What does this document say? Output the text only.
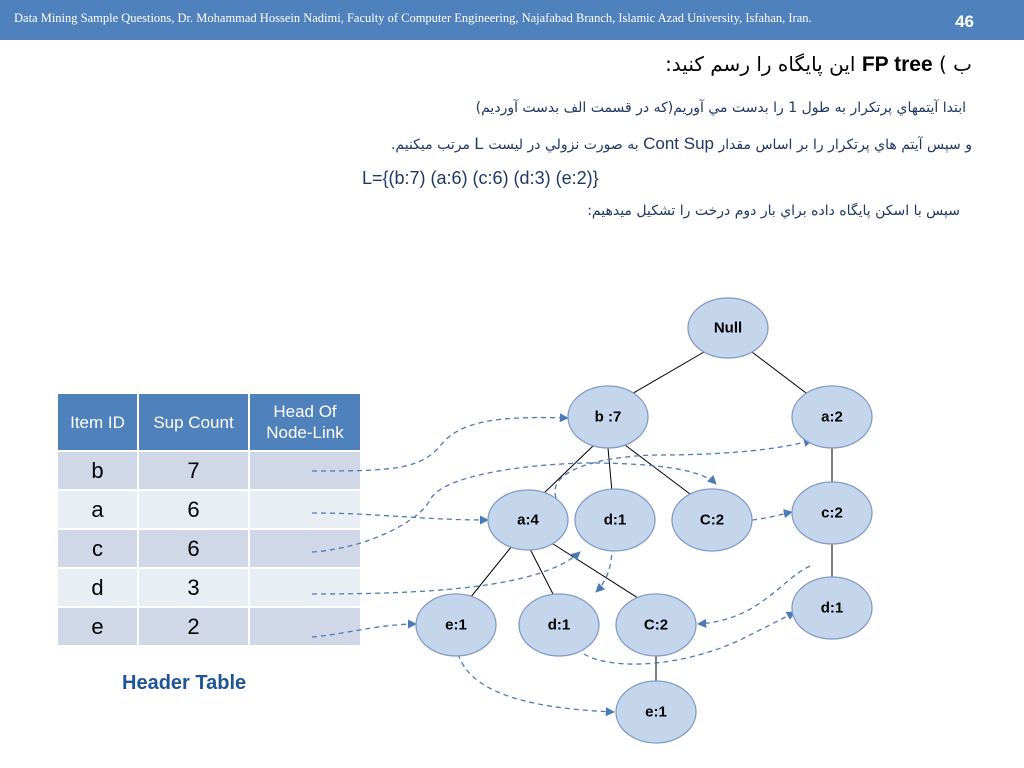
Data Mining Sample Questions, Dr. Mohammad Hossein Nadimi, Faculty of Computer Engineering, Najafabad Branch, Islamic Azad University, Isfahan, Iran.	46
ب ) FP tree این پایگاه را رسم کنید:
ابتدا آيتمهاي پرتكرار به طول 1 را بدست مي آوريم(كه در قسمت الف بدست آورديم)
و سپس آيتم هاي پرتكرار را بر اساس مقدار Cont Sup به صورت نزولي در ليست L مرتب ميكنيم.
L={(b:7) (a:6) (c:6) (d:3) (e:2)}
سپس با اسكن پايگاه داده براي بار دوم درخت را تشكيل ميدهيم:
Item ID	Sup Count	Head Of Node-Link
b	7	
a	6	
c	6	
d	3	
e	2	
Header Table
Null
b :7	a:2
a:4	d:1	C:2	c:2
d:1
e:1	d:1	C:2
e:1
